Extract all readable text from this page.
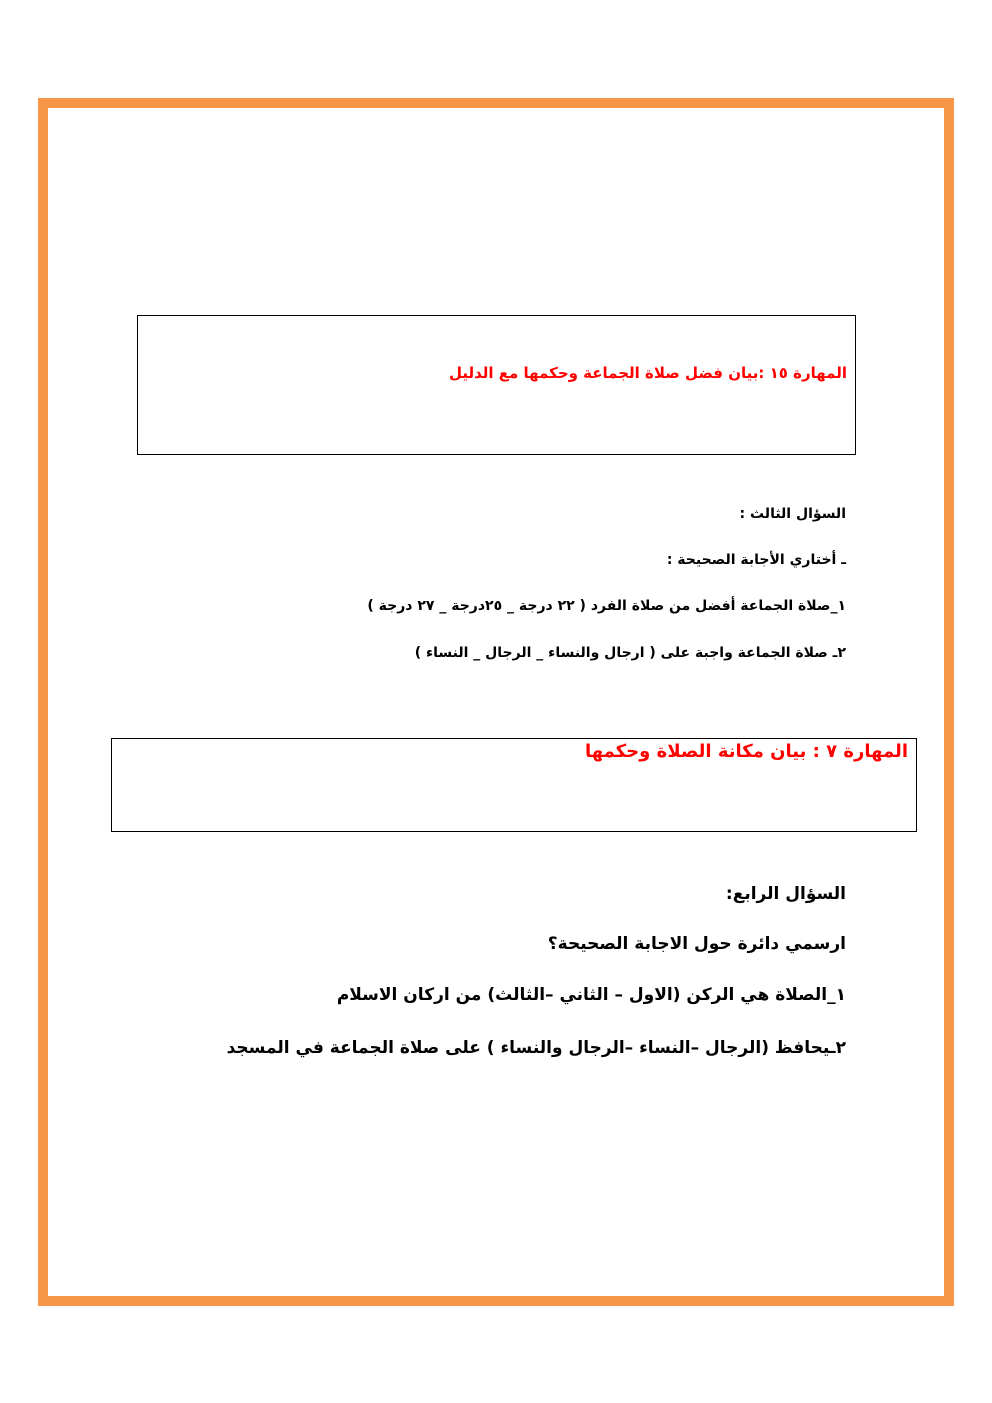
المهارة ١٥ :بيان فضل صلاة الجماعة وحكمها مع الدليل
السؤال الثالث :
ـ أختاري الأجابة الصحيحة :
١_صلاة الجماعة أفضل من صلاة الفرد ( ٢٢ درجة _ ٢٥درجة _ ٢٧ درجة )
٢ـ صلاة الجماعة واجبة على ( ارجال والنساء _ الرجال _ النساء )
المهارة ٧ : بيان مكانة الصلاة وحكمها
السؤال الرابع:
ارسمي دائرة حول الاجابة الصحيحة؟
١_الصلاة هي الركن (الاول – الثاني –الثالث) من اركان الاسلام
٢ـيحافظ (الرجال –النساء –الرجال والنساء ) على صلاة الجماعة في المسجد
